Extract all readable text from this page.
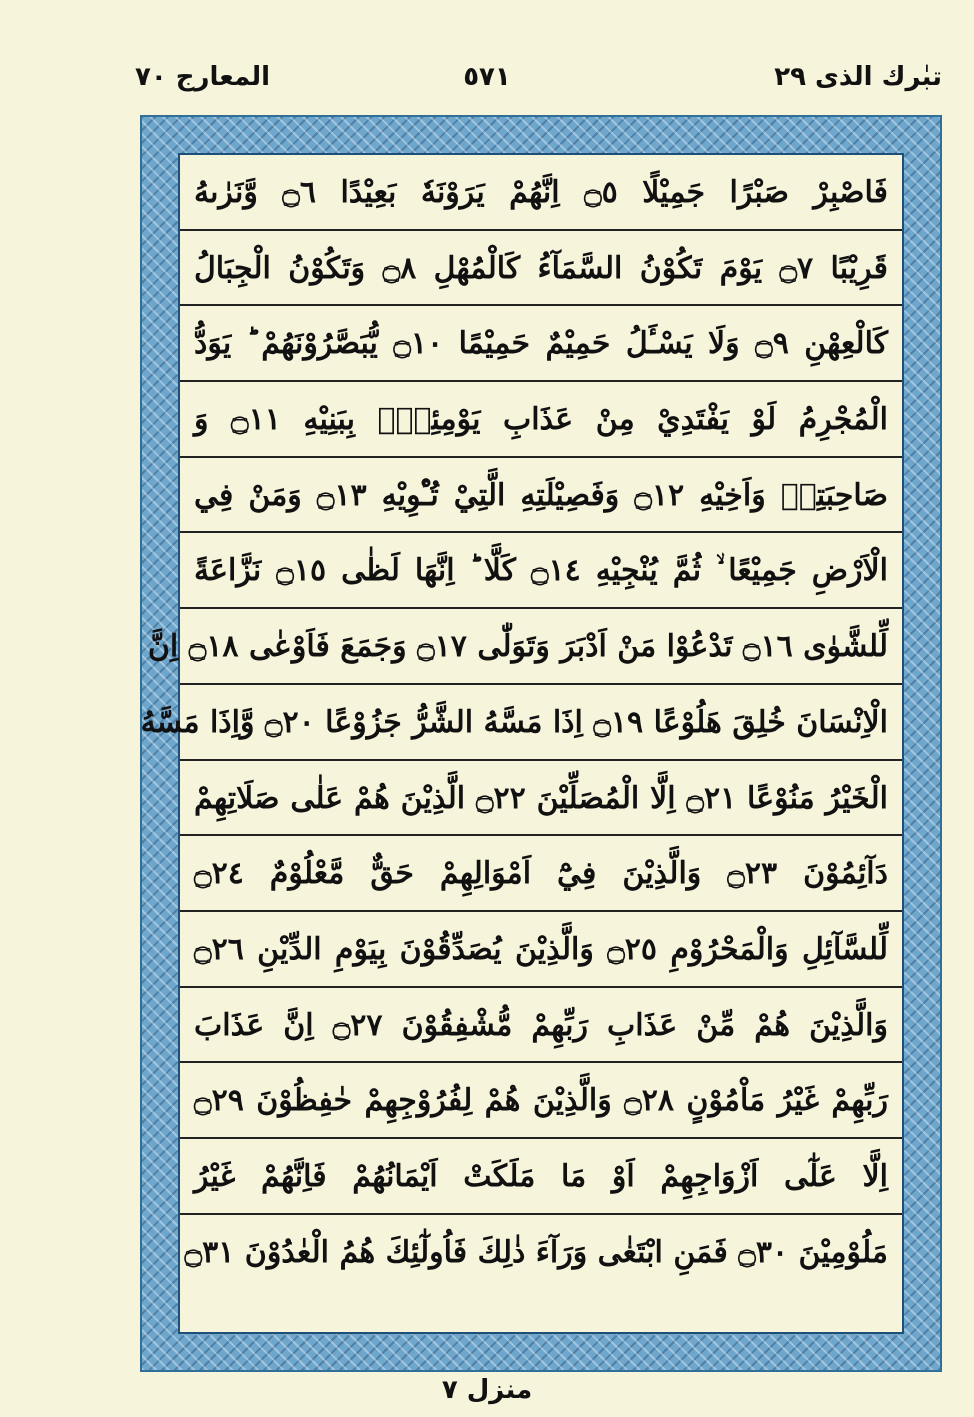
تبٰرك الذى ٢٩
٥٧١
المعارج ٧٠
فَاصْبِرْ صَبْرًا جَمِيْلًا ۝٥ اِنَّهُمْ يَرَوْنَهٗ بَعِيْدًا ۝٦ وَّنَرٰىهُ
قَرِيْبًا ۝٧ يَوْمَ تَكُوْنُ السَّمَآءُ كَالْمُهْلِ ۝٨ وَتَكُوْنُ الْجِبَالُ
كَالْعِهْنِ ۝٩ وَلَا يَسْـَٔلُ حَمِيْمٌ حَمِيْمًا ۝١٠ يُّبَصَّرُوْنَهُمْ ؕ يَوَدُّ
الْمُجْرِمُ لَوْ يَفْتَدِيْ مِنْ عَذَابِ يَوْمِئِذٍۭ بِبَنِيْهِ ۝١١ وَ
صَاحِبَتِهٖ وَاَخِيْهِ ۝١٢ وَفَصِيْلَتِهِ الَّتِيْ تُـْٔوِيْهِ ۝١٣ وَمَنْ فِي
الْاَرْضِ جَمِيْعًا ۙ ثُمَّ يُنْجِيْهِ ۝١٤ كَلَّا ؕ اِنَّهَا لَظٰى ۝١٥ نَزَّاعَةً
لِّلشَّوٰى ۝١٦ تَدْعُوْا مَنْ اَدْبَرَ وَتَوَلّٰى ۝١٧ وَجَمَعَ فَاَوْعٰى ۝١٨ اِنَّ
الْاِنْسَانَ خُلِقَ هَلُوْعًا ۝١٩ اِذَا مَسَّهُ الشَّرُّ جَزُوْعًا ۝٢٠ وَّاِذَا مَسَّهُ
الْخَيْرُ مَنُوْعًا ۝٢١ اِلَّا الْمُصَلِّيْنَ ۝٢٢ الَّذِيْنَ هُمْ عَلٰى صَلَاتِهِمْ
دَآئِمُوْنَ ۝٢٣ وَالَّذِيْنَ فِيْٓ اَمْوَالِهِمْ حَقٌّ مَّعْلُوْمٌ ۝٢٤
لِّلسَّآئِلِ وَالْمَحْرُوْمِ ۝٢٥ وَالَّذِيْنَ يُصَدِّقُوْنَ بِيَوْمِ الدِّيْنِ ۝٢٦
وَالَّذِيْنَ هُمْ مِّنْ عَذَابِ رَبِّهِمْ مُّشْفِقُوْنَ ۝٢٧ اِنَّ عَذَابَ
رَبِّهِمْ غَيْرُ مَاْمُوْنٍ ۝٢٨ وَالَّذِيْنَ هُمْ لِفُرُوْجِهِمْ حٰفِظُوْنَ ۝٢٩
اِلَّا عَلٰٓى اَزْوَاجِهِمْ اَوْ مَا مَلَكَتْ اَيْمَانُهُمْ فَاِنَّهُمْ غَيْرُ
مَلُوْمِيْنَ ۝٣٠ فَمَنِ ابْتَغٰى وَرَآءَ ذٰلِكَ فَاُولٰٓئِكَ هُمُ الْعٰدُوْنَ ۝٣١
منزل ٧
